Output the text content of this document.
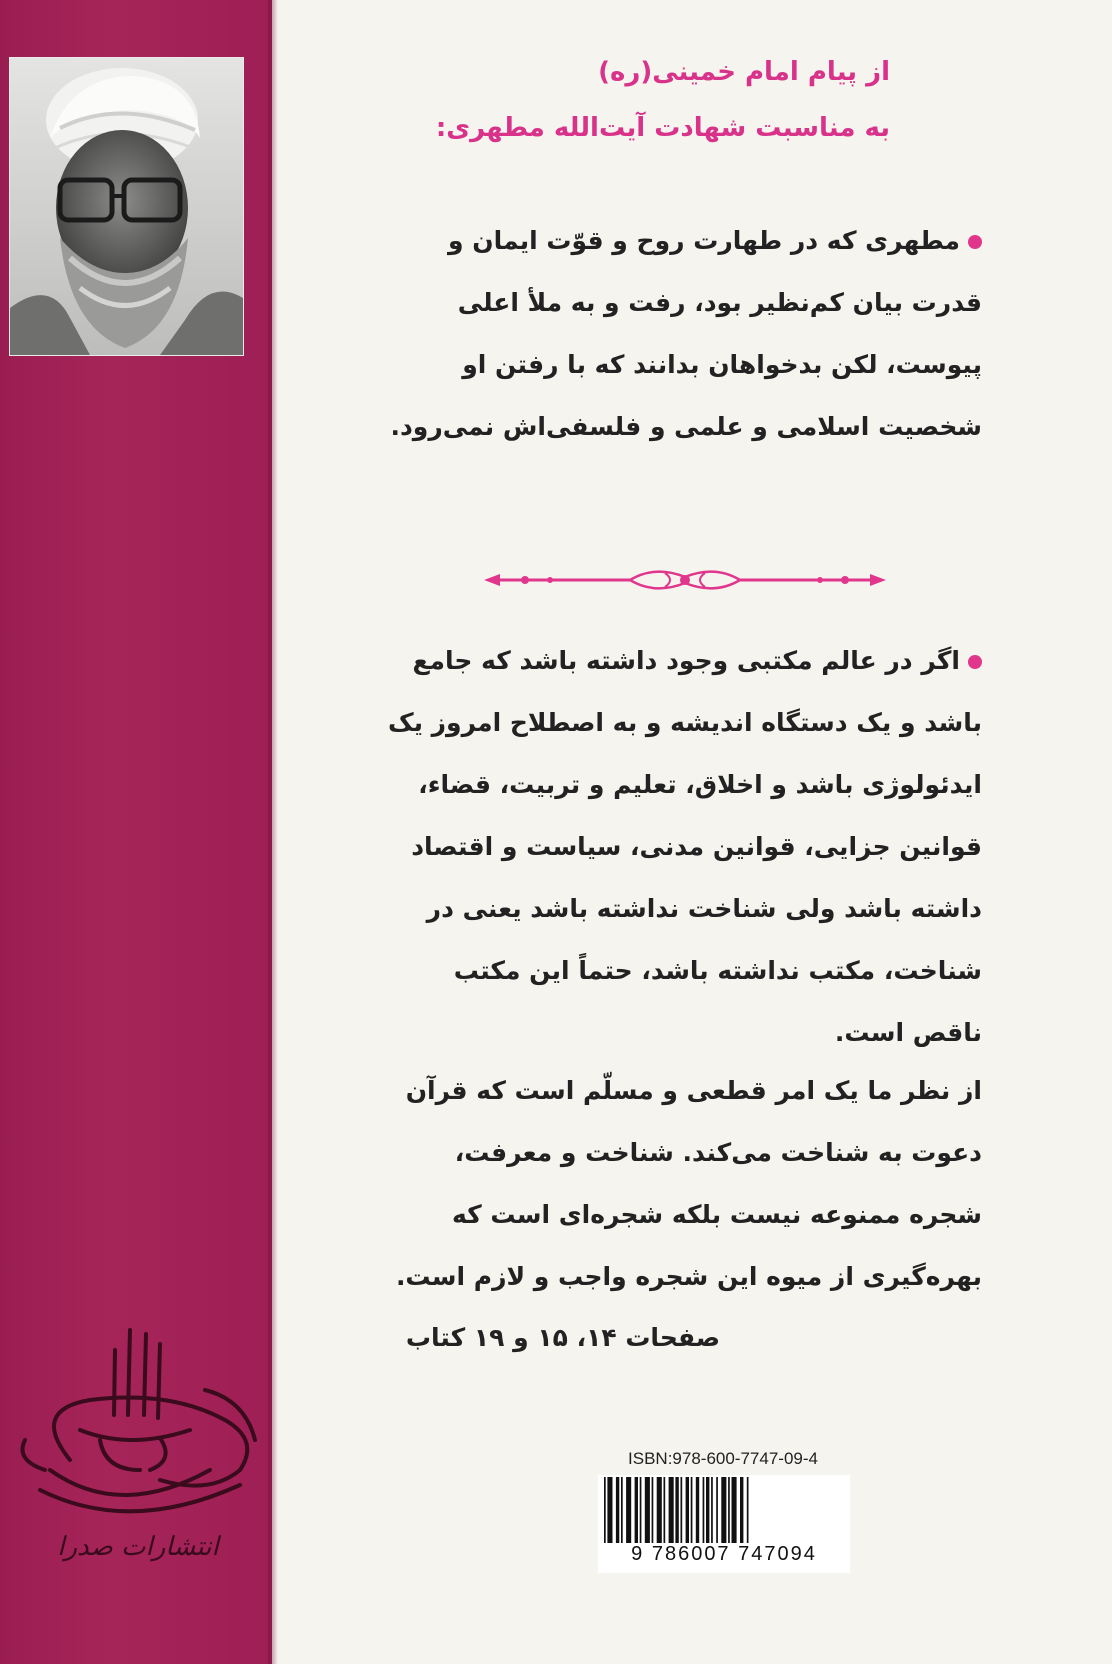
از پیام امام خمینی(ره)
به مناسبت شهادت آیت‌الله مطهری:

مطهری که در طهارت روح و قوّت ایمان و

قدرت بیان کم‌نظیر بود، رفت و به ملأ اعلی

پیوست، لکن بدخواهان بدانند که با رفتن او

شخصیت اسلامی و علمی و فلسفی‌اش نمی‌رود.

اگر در عالم مکتبی وجود داشته باشد که جامع

باشد و یک دستگاه اندیشه و به اصطلاح امروز یک

ایدئولوژی باشد و اخلاق، تعلیم و تربیت، قضاء،

قوانین جزایی، قوانین مدنی، سیاست و اقتصاد

داشته باشد ولی شناخت نداشته باشد یعنی در

شناخت، مکتب نداشته باشد، حتماً این مکتب

ناقص است.

از نظر ما یک امر قطعی و مسلّم است که قرآن

دعوت به شناخت می‌کند. شناخت و معرفت،

شجره ممنوعه نیست بلکه شجره‌ای است که

بهره‌گیری از میوه این شجره واجب و لازم است.

صفحات ۱۴، ۱۵ و ۱۹ کتاب
انتشارات صدرا
ISBN:978-600-7747-09-4
9 786007 747094
